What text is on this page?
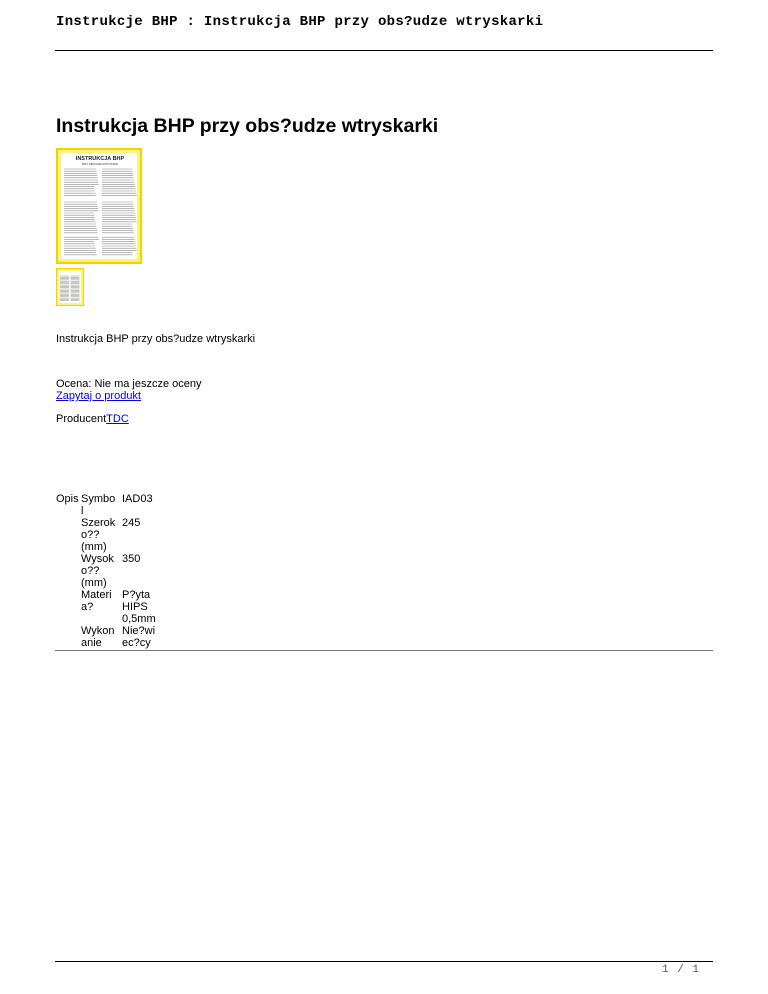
Instrukcje BHP : Instrukcja BHP przy obs?udze wtryskarki
Instrukcja BHP przy obs?udze wtryskarki
INSTRUKCJA BHP
PRZY OBSŁUDZE WTRYSKARKI
Instrukcja BHP przy obs?udze wtryskarki
Ocena: Nie ma jeszcze oceny
Zapytaj o produkt
ProducentTDC
Opis Symbo
l
IAD03
Szerok
o??
(mm)
245
Wysok
o??
(mm)
350
Materi
a?
P?yta
HIPS
0,5mm
Wykon
anie
Nie?wi
ec?cy
1 / 1
